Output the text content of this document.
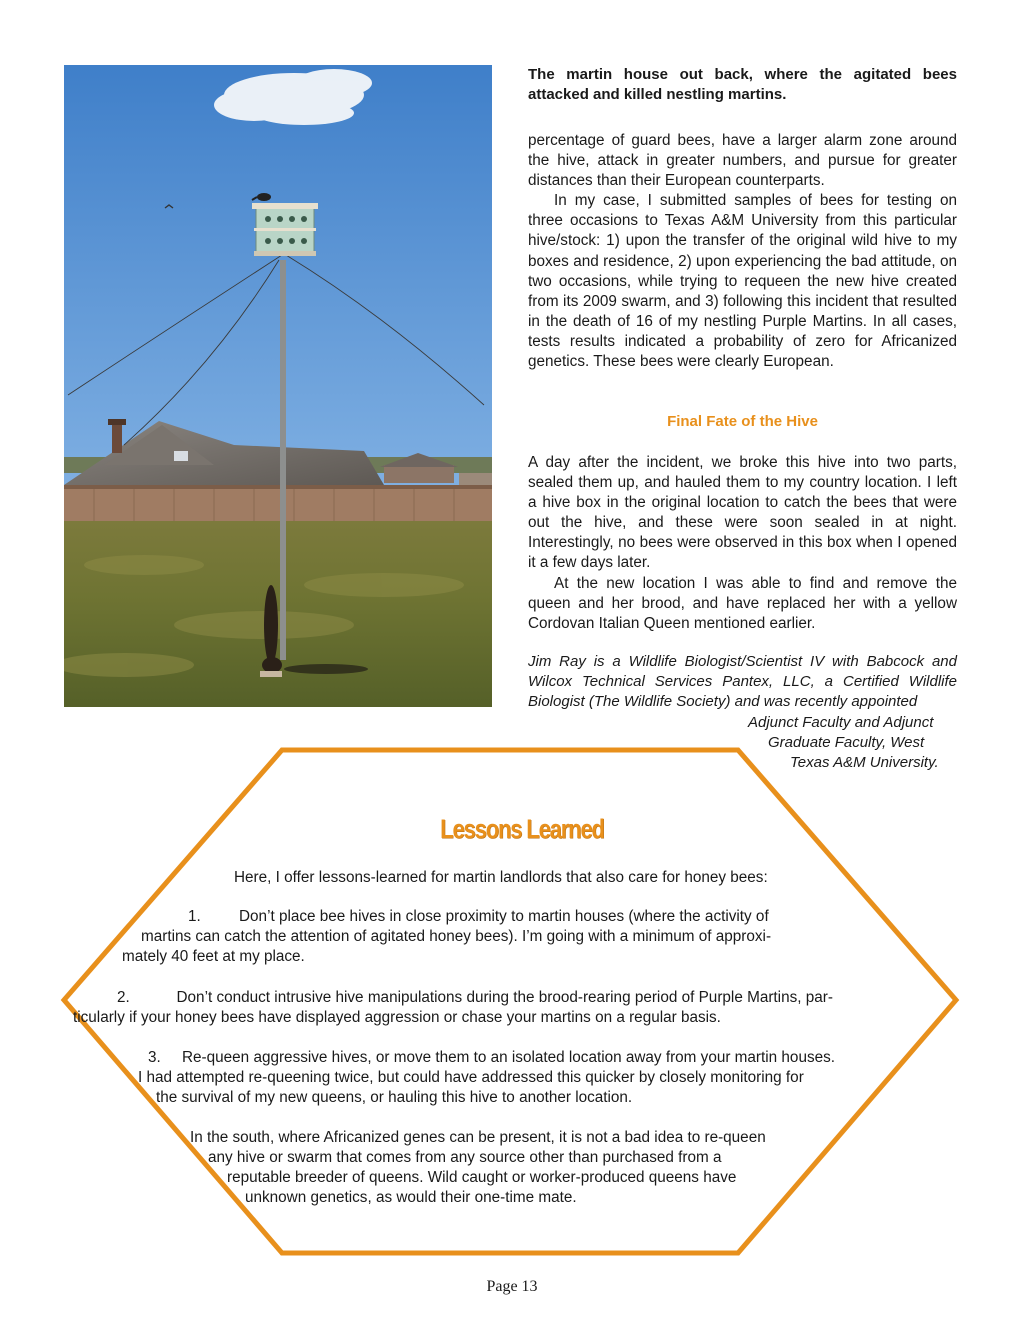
The martin house out back, where the agitated bees attacked and killed nestling martins.

percentage of guard bees, have a larger alarm zone around the hive, attack in greater numbers, and pursue for greater distances than their European counterparts.

In my case, I submitted samples of bees for testing on three occasions to Texas A&M University from this particular hive/stock: 1) upon the transfer of the original wild hive to my boxes and residence, 2) upon experiencing the bad attitude, on two occasions, while trying to requeen the new hive created from its 2009 swarm, and 3) following this incident that resulted in the death of 16 of my nestling Purple Martins. In all cases, tests results indicated a probability of zero for Africanized genetics. These bees were clearly European.

Final Fate of the Hive

A day after the incident, we broke this hive into two parts, sealed them up, and hauled them to my country location. I left a hive box in the original location to catch the bees that were out the hive, and these were soon sealed in at night. Interestingly, no bees were observed in this box when I opened it a few days later.

At the new location I was able to find and remove the queen and her brood, and have replaced her with a yellow Cordovan Italian Queen mentioned earlier.

Jim Ray is a Wildlife Biologist/Scientist IV with Babcock and Wilcox Technical Services Pantex, LLC, a Certified Wildlife Biologist (The Wildlife Society) and was recently appointed
Adjunct Faculty and Adjunct
Graduate Faculty, West
Texas A&M University.
Lessons Learned
Here, I offer lessons-learned for martin landlords that also care for honey bees:
1.         Don’t place bee hives in close proximity to martin houses (where the activity of
martins can catch the attention of agitated honey bees). I’m going with a minimum of approxi-
mately 40 feet at my place.
2.           Don’t conduct intrusive hive manipulations during the brood-rearing period of Purple Martins, par-
ticularly if your honey bees have displayed aggression or chase your martins on a regular basis.
3.     Re-queen aggressive hives, or move them to an isolated location away from your martin houses.
I had attempted re-queening twice, but could have addressed this quicker by closely monitoring for
the survival of my new queens, or hauling this hive to another location.
In the south, where Africanized genes can be present, it is not a bad idea to re-queen
any hive or swarm that comes from any source other than purchased from a
reputable breeder of queens. Wild caught or worker-produced queens have
unknown genetics, as would their one-time mate.
Page 13
